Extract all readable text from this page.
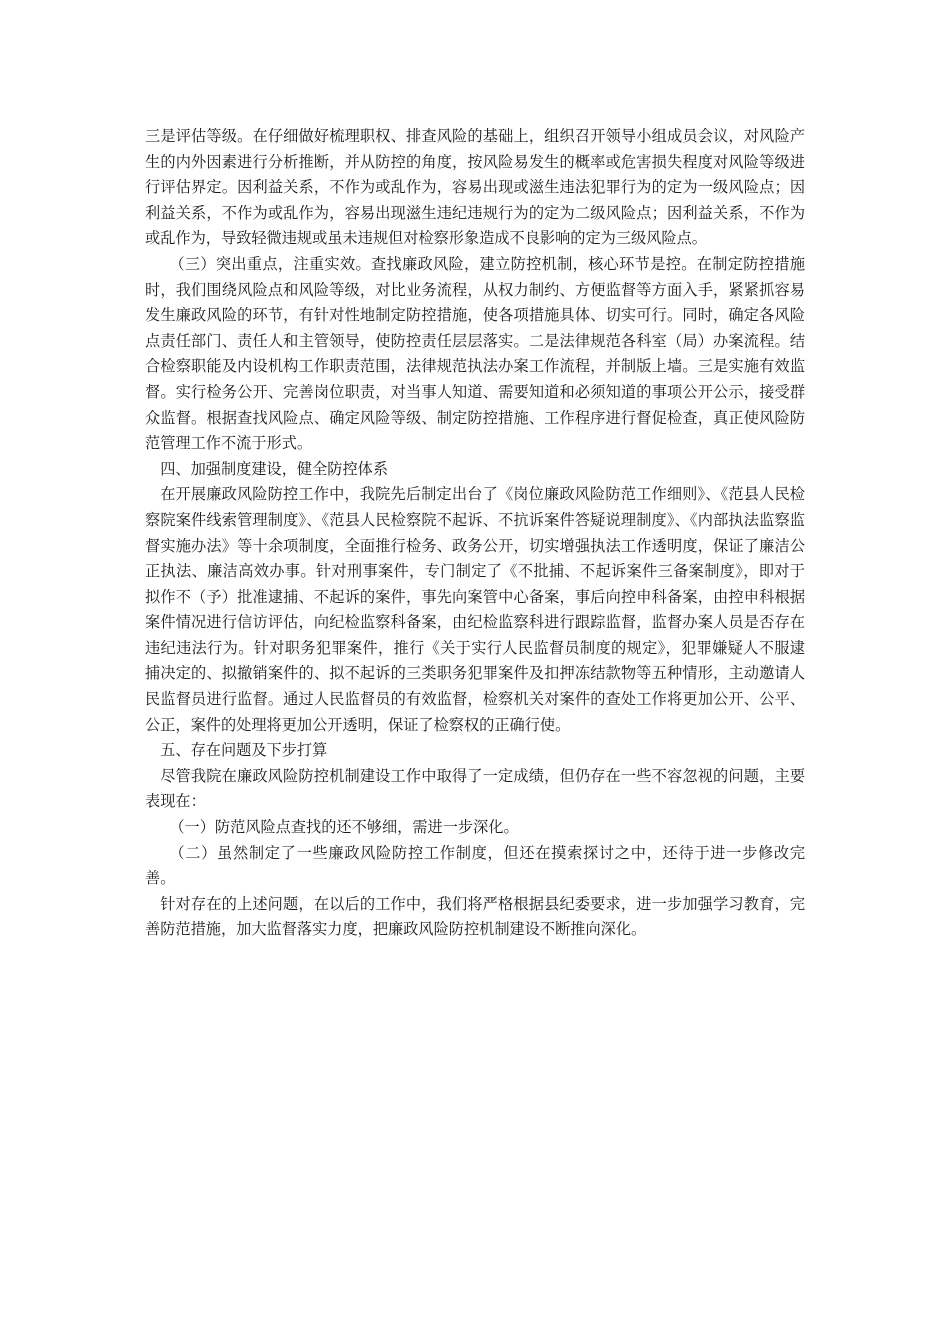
三是评估等级。在仔细做好梳理职权、排查风险的基础上，组织召开领导小组成员会议，对风险产生的内外因素进行分析推断，并从防控的角度，按风险易发生的概率或危害损失程度对风险等级进行评估界定。因利益关系，不作为或乱作为，容易出现或滋生违法犯罪行为的定为一级风险点；因利益关系，不作为或乱作为，容易出现滋生违纪违规行为的定为二级风险点；因利益关系，不作为或乱作为，导致轻微违规或虽未违规但对检察形象造成不良影响的定为三级风险点。

（三）突出重点，注重实效。查找廉政风险，建立防控机制，核心环节是控。在制定防控措施时，我们围绕风险点和风险等级，对比业务流程，从权力制约、方便监督等方面入手，紧紧抓容易发生廉政风险的环节，有针对性地制定防控措施，使各项措施具体、切实可行。同时，确定各风险点责任部门、责任人和主管领导，使防控责任层层落实。二是法律规范各科室（局）办案流程。结合检察职能及内设机构工作职责范围，法律规范执法办案工作流程，并制版上墙。三是实施有效监督。实行检务公开、完善岗位职责，对当事人知道、需要知道和必须知道的事项公开公示，接受群众监督。根据查找风险点、确定风险等级、制定防控措施、工作程序进行督促检查，真正使风险防范管理工作不流于形式。

四、加强制度建设，健全防控体系

在开展廉政风险防控工作中，我院先后制定出台了《岗位廉政风险防范工作细则》、《范县人民检察院案件线索管理制度》、《范县人民检察院不起诉、不抗诉案件答疑说理制度》、《内部执法监察监督实施办法》等十余项制度，全面推行检务、政务公开，切实增强执法工作透明度，保证了廉洁公正执法、廉洁高效办事。针对刑事案件，专门制定了《不批捕、不起诉案件三备案制度》，即对于拟作不（予）批准逮捕、不起诉的案件，事先向案管中心备案，事后向控申科备案，由控申科根据案件情况进行信访评估，向纪检监察科备案，由纪检监察科进行跟踪监督，监督办案人员是否存在违纪违法行为。针对职务犯罪案件，推行《关于实行人民监督员制度的规定》，犯罪嫌疑人不服逮捕决定的、拟撤销案件的、拟不起诉的三类职务犯罪案件及扣押冻结款物等五种情形，主动邀请人民监督员进行监督。通过人民监督员的有效监督，检察机关对案件的查处工作将更加公开、公平、公正，案件的处理将更加公开透明，保证了检察权的正确行使。

五、存在问题及下步打算

尽管我院在廉政风险防控机制建设工作中取得了一定成绩，但仍存在一些不容忽视的问题，主要表现在：

（一）防范风险点查找的还不够细，需进一步深化。

（二）虽然制定了一些廉政风险防控工作制度，但还在摸索探讨之中，还待于进一步修改完善。

针对存在的上述问题，在以后的工作中，我们将严格根据县纪委要求，进一步加强学习教育，完善防范措施，加大监督落实力度，把廉政风险防控机制建设不断推向深化。
